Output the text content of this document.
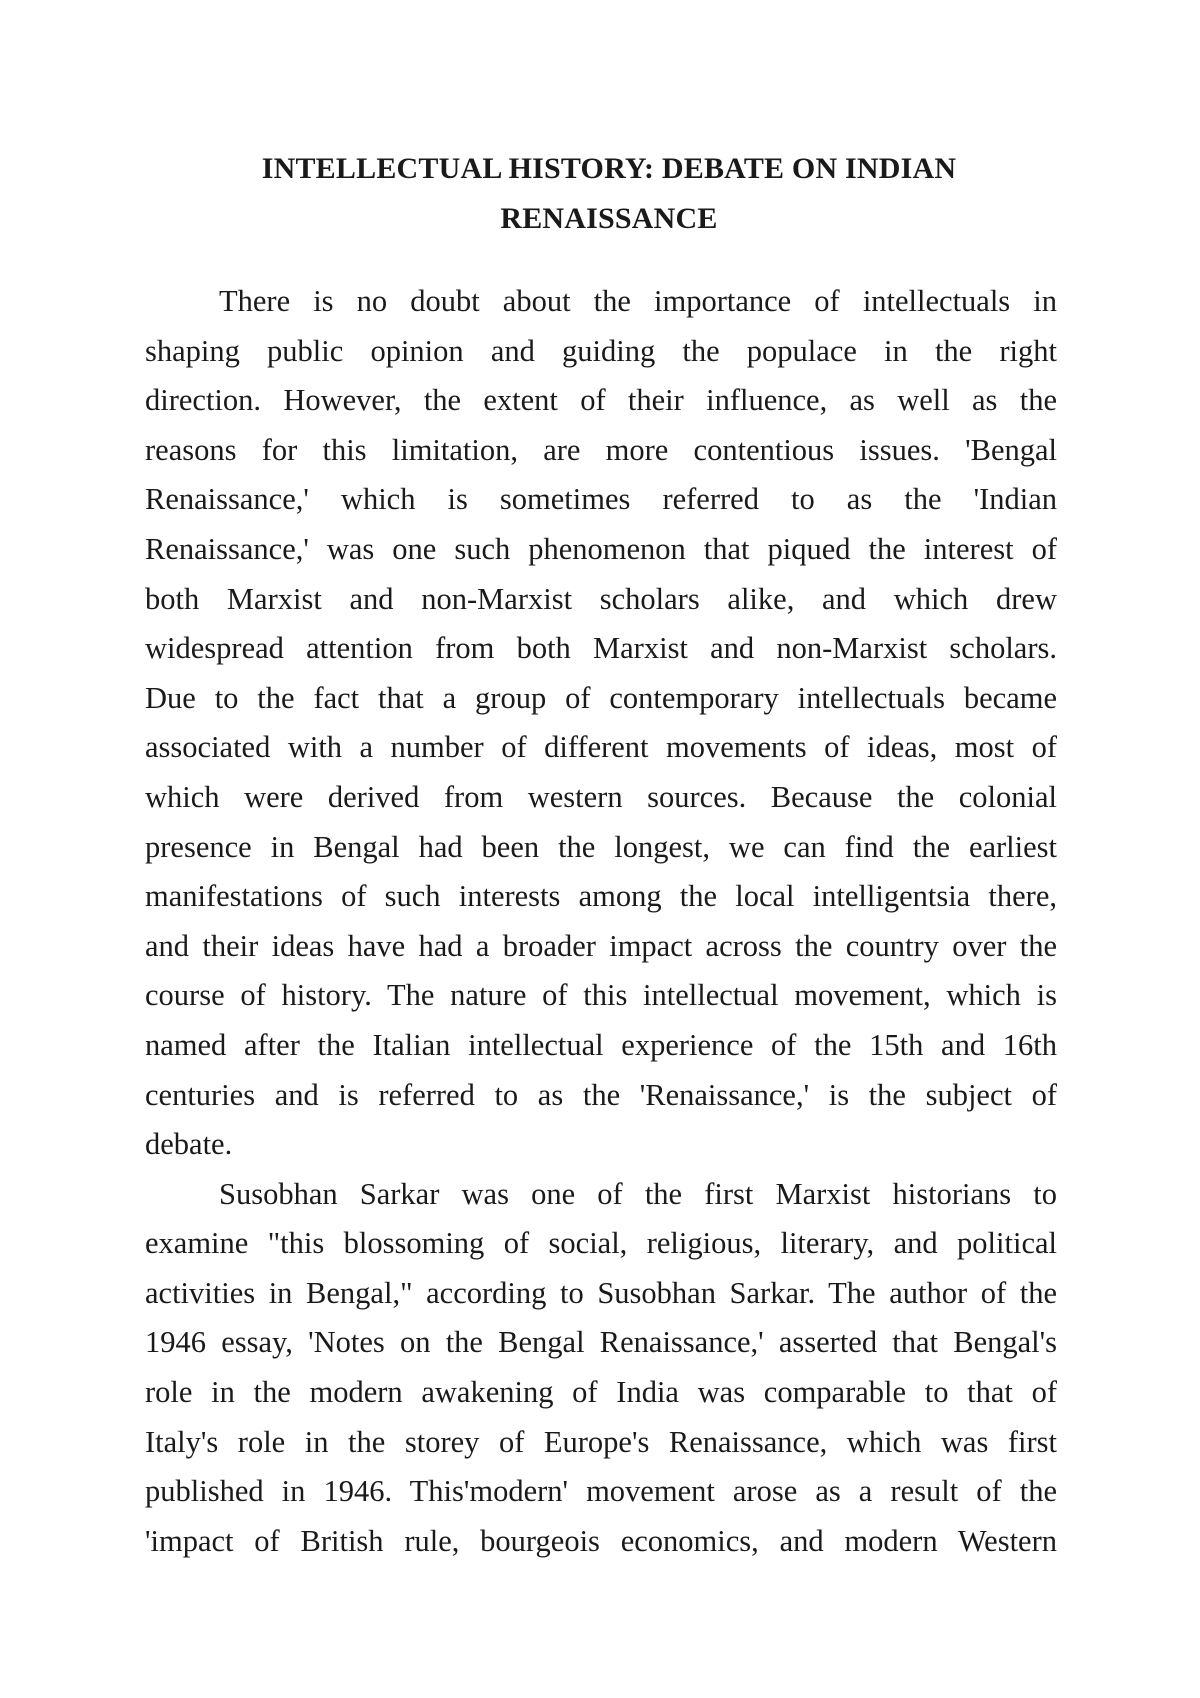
INTELLECTUAL HISTORY: DEBATE ON INDIAN
RENAISSANCE

There is no doubt about the importance of intellectuals in
shaping public opinion and guiding the populace in the right
direction. However, the extent of their influence, as well as the
reasons for this limitation, are more contentious issues. 'Bengal
Renaissance,' which is sometimes referred to as the 'Indian
Renaissance,' was one such phenomenon that piqued the interest of
both Marxist and non-Marxist scholars alike, and which drew
widespread attention from both Marxist and non-Marxist scholars.
Due to the fact that a group of contemporary intellectuals became
associated with a number of different movements of ideas, most of
which were derived from western sources. Because the colonial
presence in Bengal had been the longest, we can find the earliest
manifestations of such interests among the local intelligentsia there,
and their ideas have had a broader impact across the country over the
course of history. The nature of this intellectual movement, which is
named after the Italian intellectual experience of the 15th and 16th
centuries and is referred to as the 'Renaissance,' is the subject of
debate.

Susobhan Sarkar was one of the first Marxist historians to
examine "this blossoming of social, religious, literary, and political
activities in Bengal," according to Susobhan Sarkar. The author of the
1946 essay, 'Notes on the Bengal Renaissance,' asserted that Bengal's
role in the modern awakening of India was comparable to that of
Italy's role in the storey of Europe's Renaissance, which was first
published in 1946. This'modern' movement arose as a result of the
'impact of British rule, bourgeois economics, and modern Western
